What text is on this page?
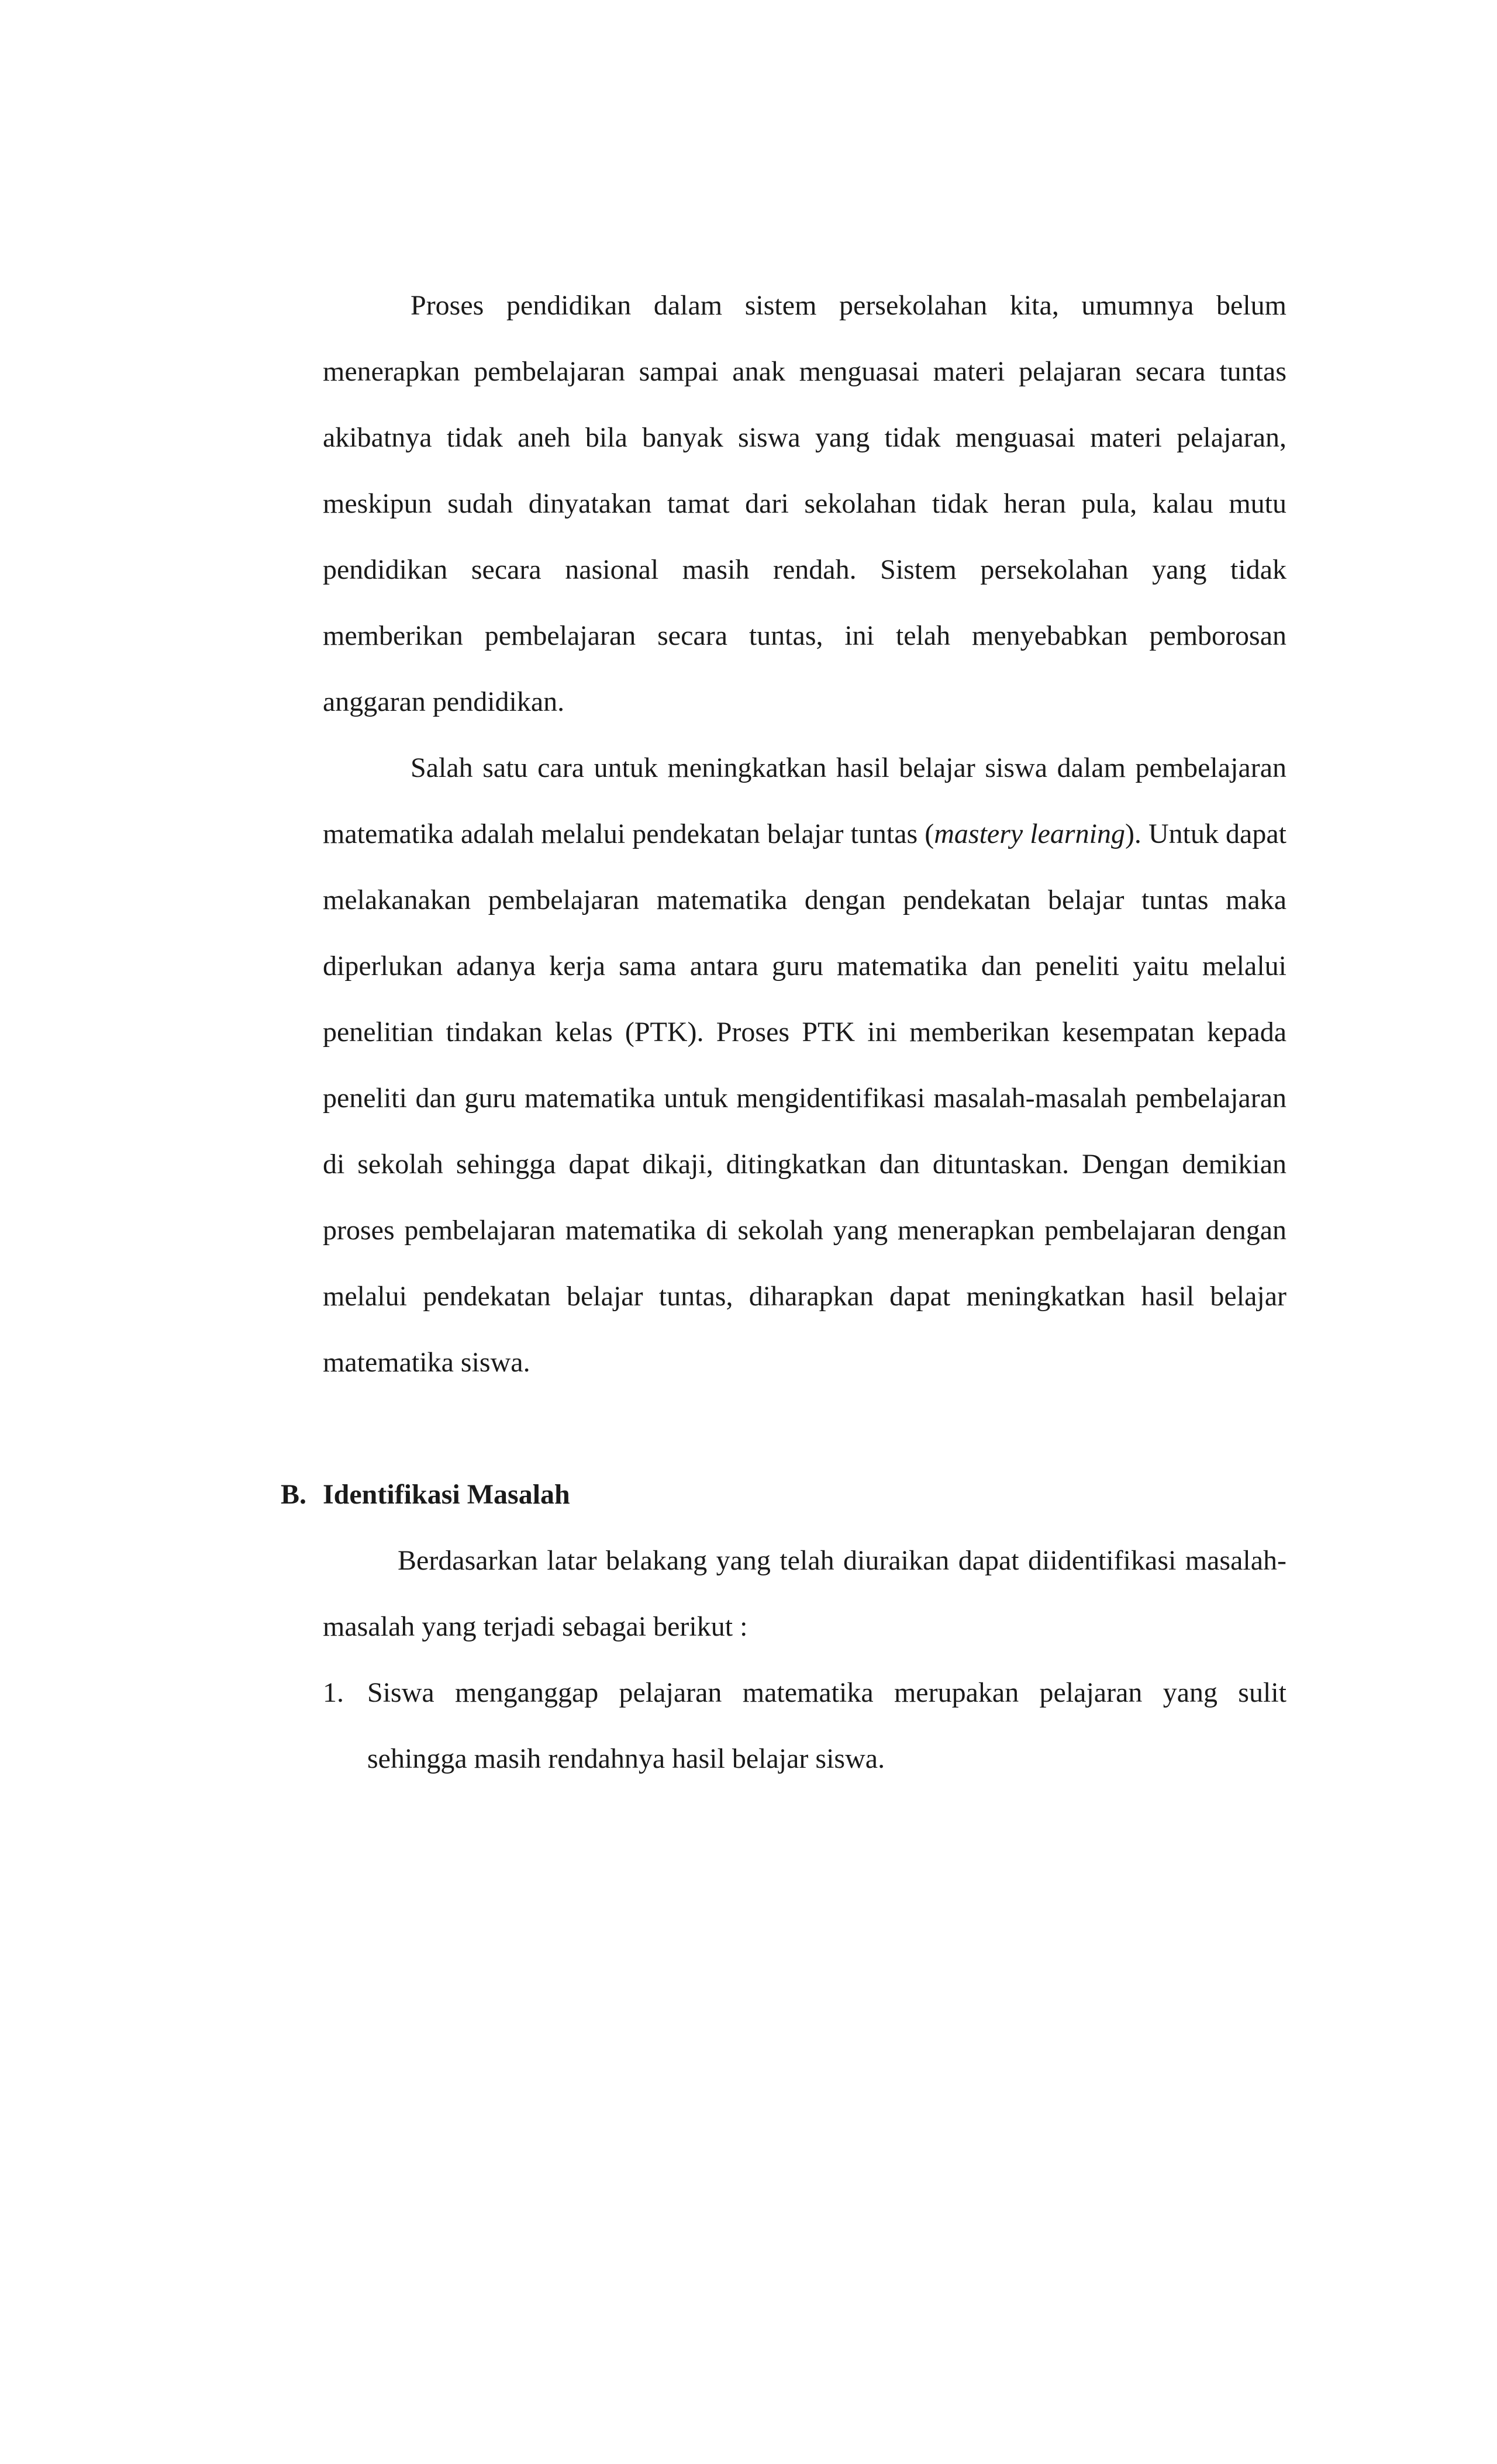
Proses pendidikan dalam sistem persekolahan kita, umumnya belum menerapkan pembelajaran sampai anak menguasai materi pelajaran secara tuntas akibatnya tidak aneh bila banyak siswa yang tidak menguasai materi pelajaran, meskipun sudah dinyatakan tamat dari sekolahan tidak heran pula, kalau mutu pendidikan secara nasional masih rendah. Sistem persekolahan yang tidak memberikan pembelajaran secara tuntas, ini telah menyebabkan pemborosan anggaran pendidikan.

Salah satu cara untuk meningkatkan hasil belajar siswa dalam pembelajaran matematika adalah melalui pendekatan belajar tuntas (mastery learning). Untuk dapat melakanakan pembelajaran matematika dengan pendekatan belajar tuntas maka diperlukan adanya kerja sama antara guru matematika dan peneliti yaitu melalui penelitian tindakan kelas (PTK). Proses PTK ini memberikan kesempatan kepada peneliti dan guru matematika untuk mengidentifikasi masalah-masalah pembelajaran di sekolah sehingga dapat dikaji, ditingkatkan dan dituntaskan. Dengan demikian proses pembelajaran matematika di sekolah yang menerapkan pembelajaran dengan melalui pendekatan belajar tuntas, diharapkan dapat meningkatkan hasil belajar matematika siswa.

B. Identifikasi Masalah

Berdasarkan latar belakang yang telah diuraikan dapat diidentifikasi masalah-masalah yang terjadi sebagai berikut :

1. Siswa menganggap pelajaran matematika merupakan pelajaran yang sulit sehingga masih rendahnya hasil belajar siswa.
